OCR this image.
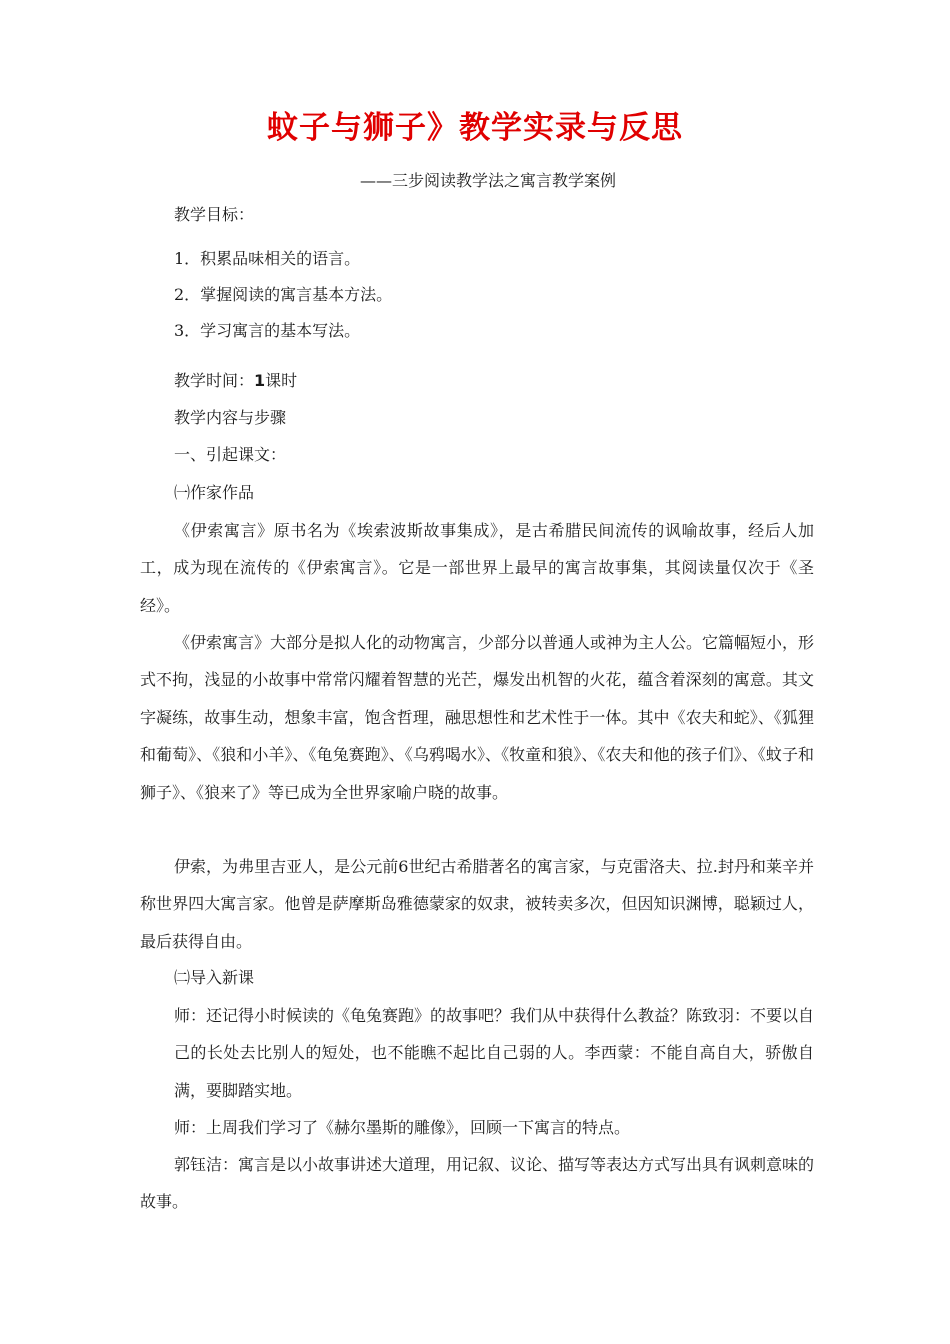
蚊子与狮子》教学实录与反思
——三步阅读教学法之寓言教学案例
教学目标：
1．积累品味相关的语言。
2．掌握阅读的寓言基本方法。
3．学习寓言的基本写法。
教学时间：1课时
教学内容与步骤
一、引起课文：
㈠作家作品

《伊索寓言》原书名为《埃索波斯故事集成》，是古希腊民间流传的讽喻故事，经后人加工，成为现在流传的《伊索寓言》。它是一部世界上最早的寓言故事集，其阅读量仅次于《圣经》。

《伊索寓言》大部分是拟人化的动物寓言，少部分以普通人或神为主人公。它篇幅短小，形式不拘，浅显的小故事中常常闪耀着智慧的光芒，爆发出机智的火花，蕴含着深刻的寓意。其文字凝练，故事生动，想象丰富，饱含哲理，融思想性和艺术性于一体。其中《农夫和蛇》、《狐狸和葡萄》、《狼和小羊》、《龟兔赛跑》、《乌鸦喝水》、《牧童和狼》、《农夫和他的孩子们》、《蚊子和狮子》、《狼来了》等已成为全世界家喻户晓的故事。

伊索，为弗里吉亚人，是公元前6世纪古希腊著名的寓言家，与克雷洛夫、拉.封丹和莱辛并称世界四大寓言家。他曾是萨摩斯岛雅德蒙家的奴隶，被转卖多次，但因知识渊博，聪颖过人，最后获得自由。

㈡导入新课

师：还记得小时候读的《龟兔赛跑》的故事吧？我们从中获得什么教益？陈致羽：不要以自己的长处去比别人的短处，也不能瞧不起比自己弱的人。李西蒙：不能自高自大，骄傲自满，要脚踏实地。

师：上周我们学习了《赫尔墨斯的雕像》，回顾一下寓言的特点。

郭钰洁：寓言是以小故事讲述大道理，用记叙、议论、描写等表达方式写出具有讽刺意味的故事。
